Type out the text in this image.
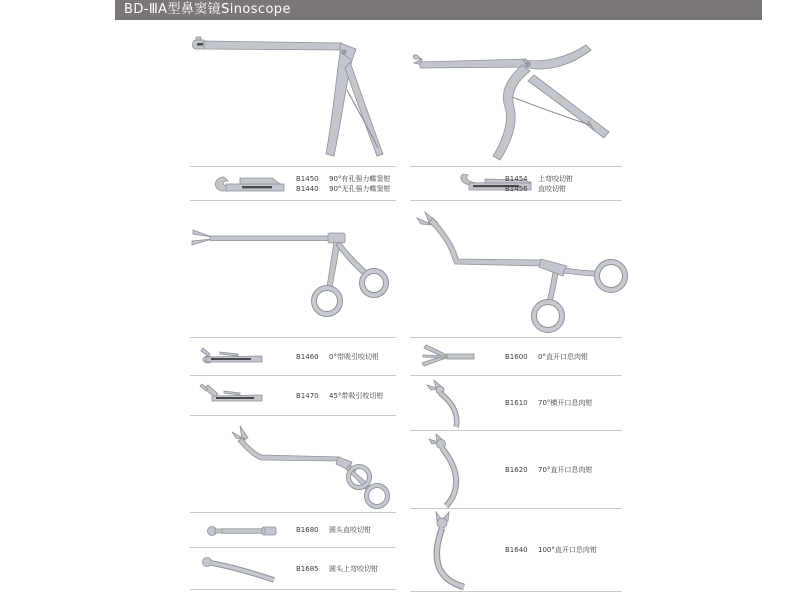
BD-ⅢA型鼻窦镜Sinoscope
B1450 90°有孔强力蝶窦钳
B1440 90°无孔强力蝶窦钳
B1454 上弯咬切钳
B1456 直咬切钳
B1460 0°带吸引咬切钳
B1470 45°带吸引咬切钳
B1600 0°直开口息肉钳
B1610 70°横开口息肉钳
B1620 70°直开口息肉钳
B1680 圆头直咬切钳
B1685 圆头上弯咬切钳
B1640 100°直开口息肉钳
